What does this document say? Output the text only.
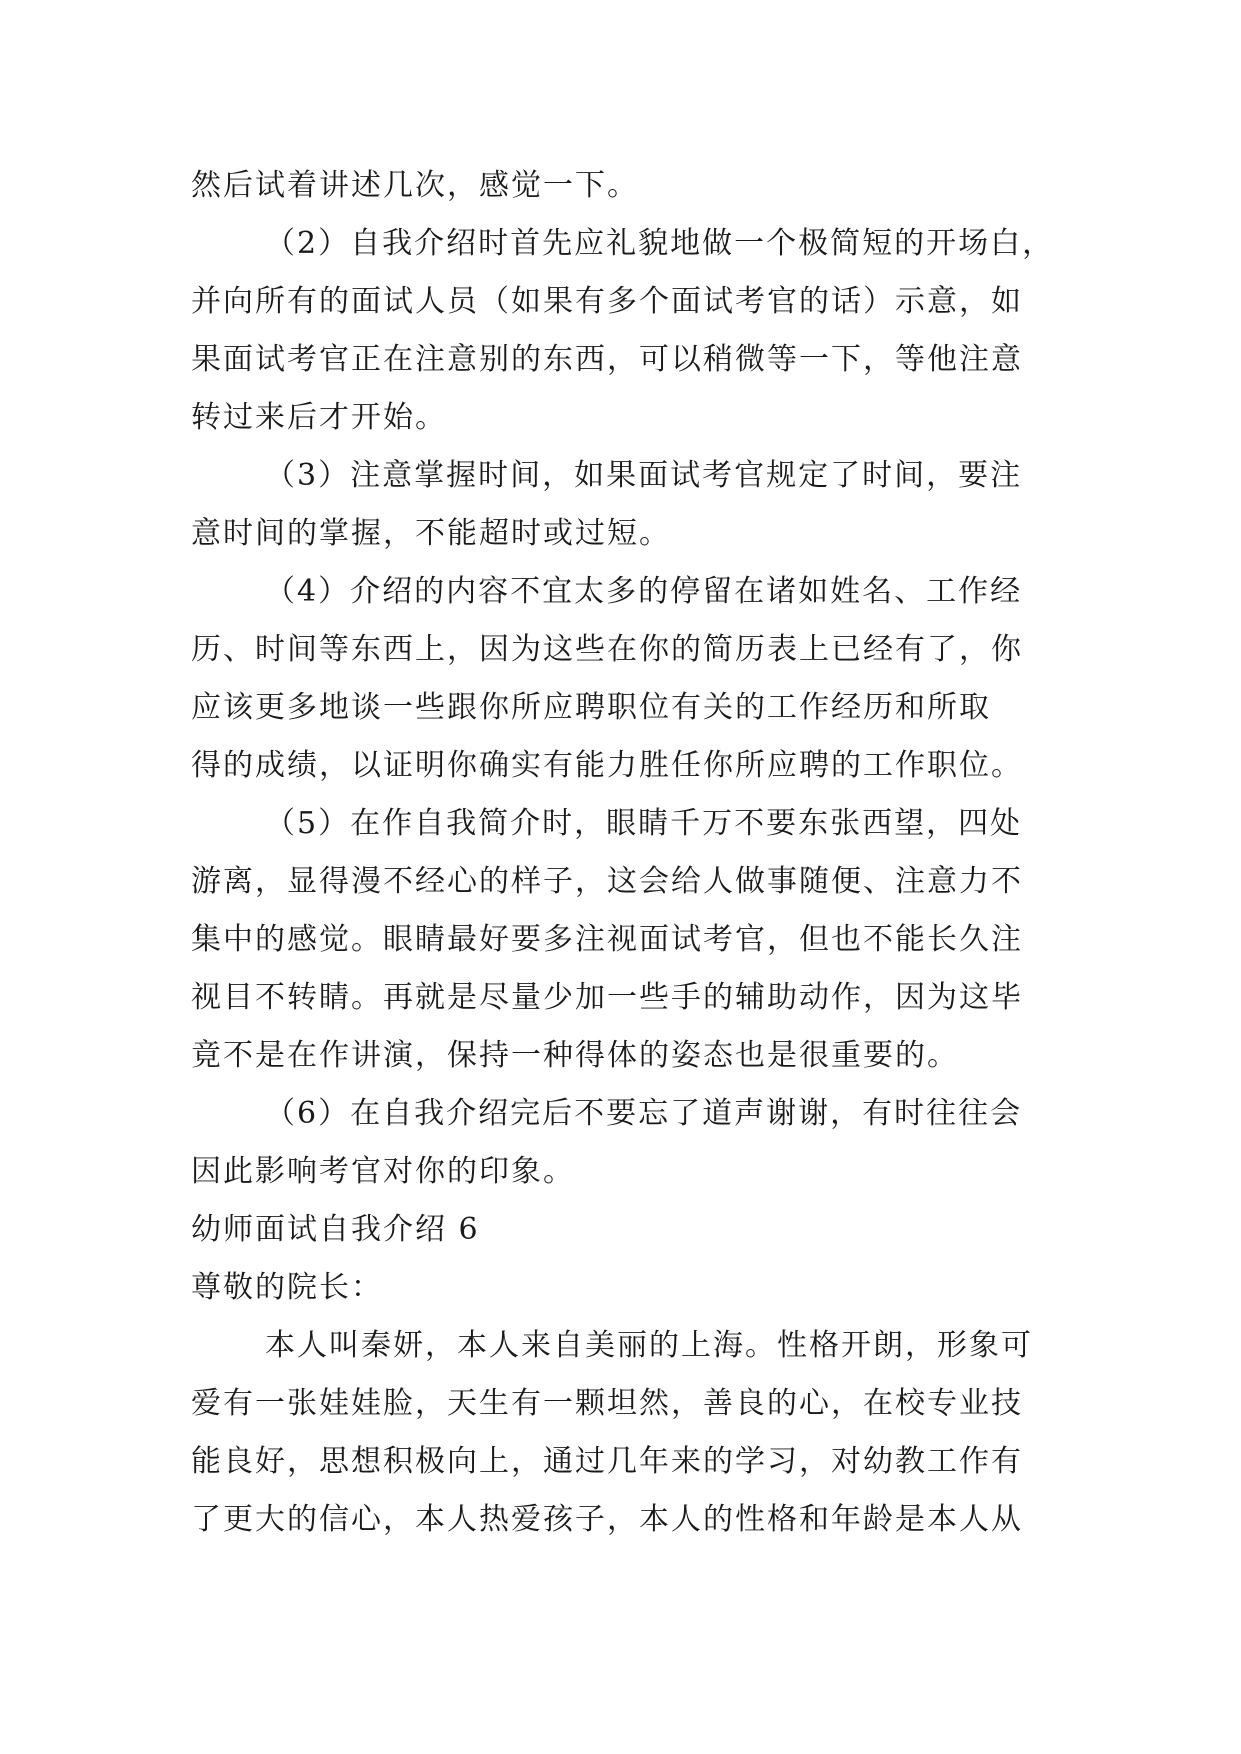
然后试着讲述几次，感觉一下。
（2）自我介绍时首先应礼貌地做一个极简短的开场白，
并向所有的面试人员（如果有多个面试考官的话）示意，如
果面试考官正在注意别的东西，可以稍微等一下，等他注意
转过来后才开始。
（3）注意掌握时间，如果面试考官规定了时间，要注
意时间的掌握，不能超时或过短。
（4）介绍的内容不宜太多的停留在诸如姓名、工作经
历、时间等东西上，因为这些在你的简历表上已经有了，你
应该更多地谈一些跟你所应聘职位有关的工作经历和所取
得的成绩，以证明你确实有能力胜任你所应聘的工作职位。
（5）在作自我简介时，眼睛千万不要东张西望，四处
游离，显得漫不经心的样子，这会给人做事随便、注意力不
集中的感觉。眼睛最好要多注视面试考官，但也不能长久注
视目不转睛。再就是尽量少加一些手的辅助动作，因为这毕
竟不是在作讲演，保持一种得体的姿态也是很重要的。
（6）在自我介绍完后不要忘了道声谢谢，有时往往会
因此影响考官对你的印象。
幼师面试自我介绍 6
尊敬的院长：
本人叫秦妍，本人来自美丽的上海。性格开朗，形象可
爱有一张娃娃脸，天生有一颗坦然，善良的心，在校专业技
能良好，思想积极向上，通过几年来的学习，对幼教工作有
了更大的信心，本人热爱孩子，本人的性格和年龄是本人从
